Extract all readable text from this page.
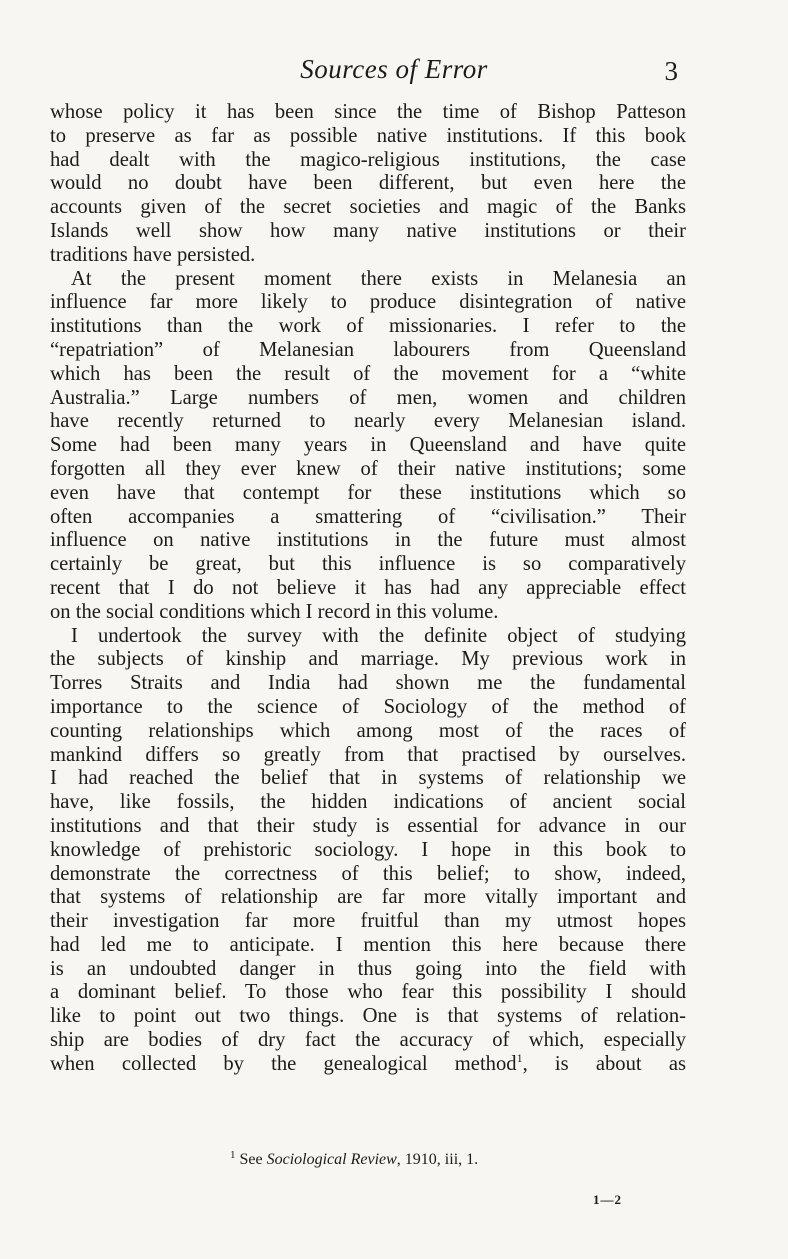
Sources of Error	3
whose policy it has been since the time of Bishop Patteson
to preserve as far as possible native institutions. If this book
had dealt with the magico-religious institutions, the case
would no doubt have been different, but even here the
accounts given of the secret societies and magic of the Banks
Islands well show how many native institutions or their
traditions have persisted.
At the present moment there exists in Melanesia an
influence far more likely to produce disintegration of native
institutions than the work of missionaries. I refer to the
“repatriation” of Melanesian labourers from Queensland
which has been the result of the movement for a “white
Australia.” Large numbers of men, women and children
have recently returned to nearly every Melanesian island.
Some had been many years in Queensland and have quite
forgotten all they ever knew of their native institutions; some
even have that contempt for these institutions which so
often accompanies a smattering of “civilisation.” Their
influence on native institutions in the future must almost
certainly be great, but this influence is so comparatively
recent that I do not believe it has had any appreciable effect
on the social conditions which I record in this volume.
I undertook the survey with the definite object of studying
the subjects of kinship and marriage. My previous work in
Torres Straits and India had shown me the fundamental
importance to the science of Sociology of the method of
counting relationships which among most of the races of
mankind differs so greatly from that practised by ourselves.
I had reached the belief that in systems of relationship we
have, like fossils, the hidden indications of ancient social
institutions and that their study is essential for advance in our
knowledge of prehistoric sociology. I hope in this book to
demonstrate the correctness of this belief; to show, indeed,
that systems of relationship are far more vitally important and
their investigation far more fruitful than my utmost hopes
had led me to anticipate. I mention this here because there
is an undoubted danger in thus going into the field with
a dominant belief. To those who fear this possibility I should
like to point out two things. One is that systems of relation-
ship are bodies of dry fact the accuracy of which, especially
when collected by the genealogical method$^1$, is about as
$^1$ See Sociological Review, 1910, iii, 1.
1—2
